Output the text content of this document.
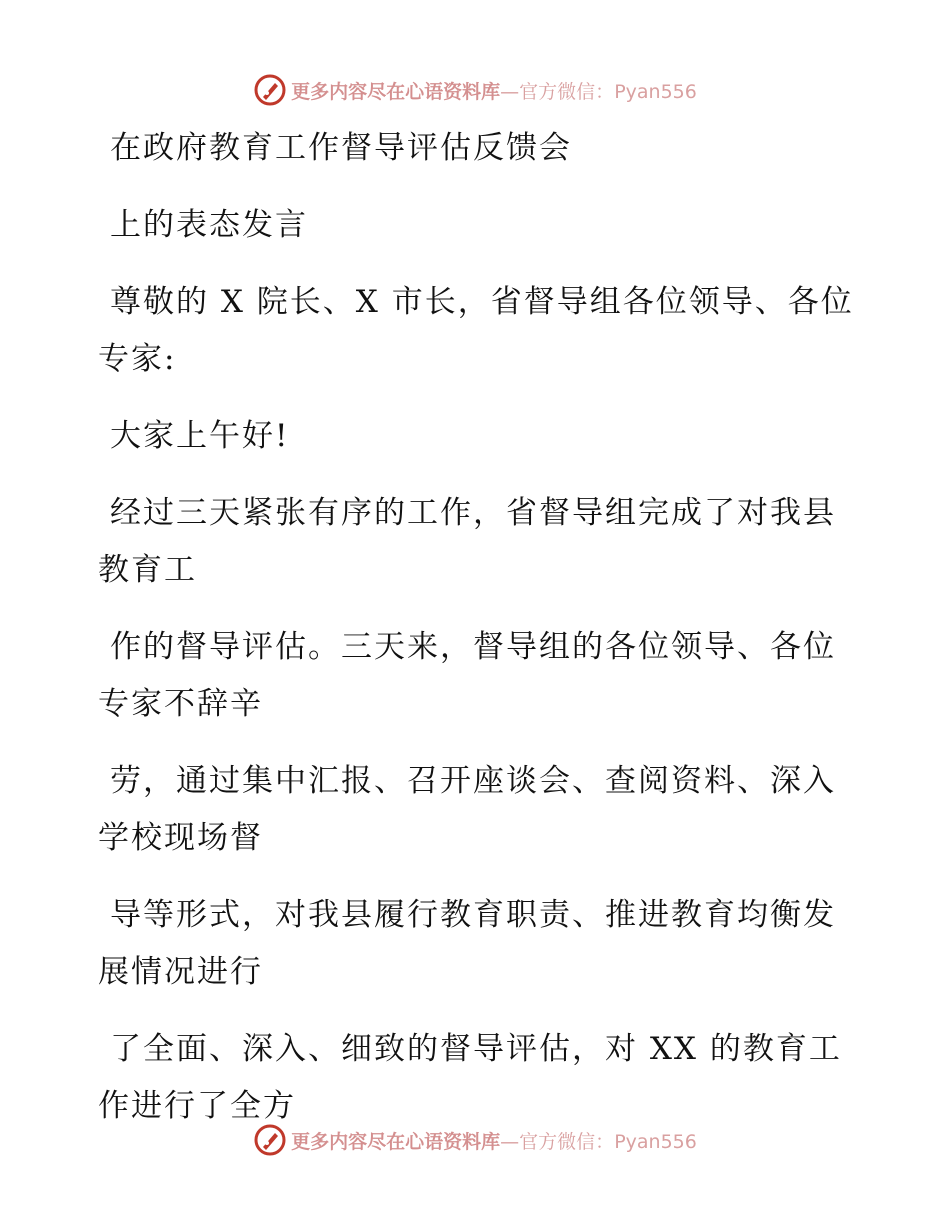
更多内容尽在心语资料库—官方微信：Pyan556

在政府教育工作督导评估反馈会

上的表态发言

尊敬的 X 院长、X 市长，省督导组各位领导、各位专家:

大家上午好!

经过三天紧张有序的工作，省督导组完成了对我县教育工

作的督导评估。三天来，督导组的各位领导、各位专家不辞辛

劳，通过集中汇报、召开座谈会、查阅资料、深入学校现场督

导等形式，对我县履行教育职责、推进教育均衡发展情况进行

了全面、深入、细致的督导评估，对 XX 的教育工作进行了全方

更多内容尽在心语资料库—官方微信：Pyan556
